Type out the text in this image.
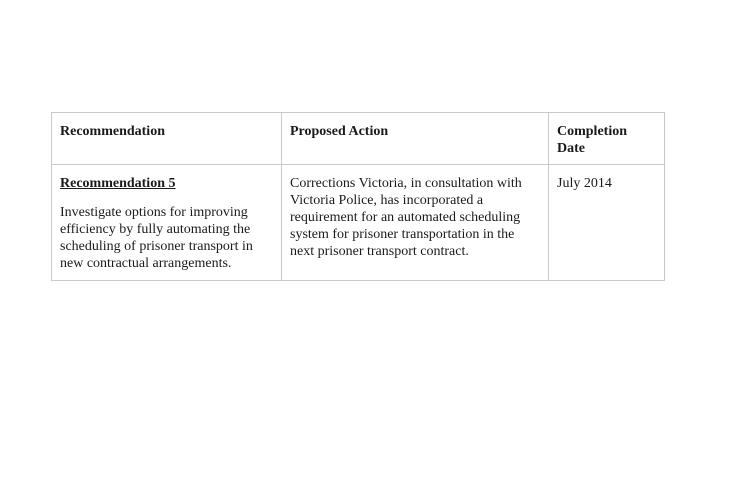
Recommendation	Proposed Action	Completion Date

Recommendation 5

Investigate options for improving efficiency by fully automating the scheduling of prisoner transport in new contractual arrangements.	Corrections Victoria, in consultation with Victoria Police, has incorporated a requirement for an automated scheduling system for prisoner transportation in the next prisoner transport contract.	July 2014
